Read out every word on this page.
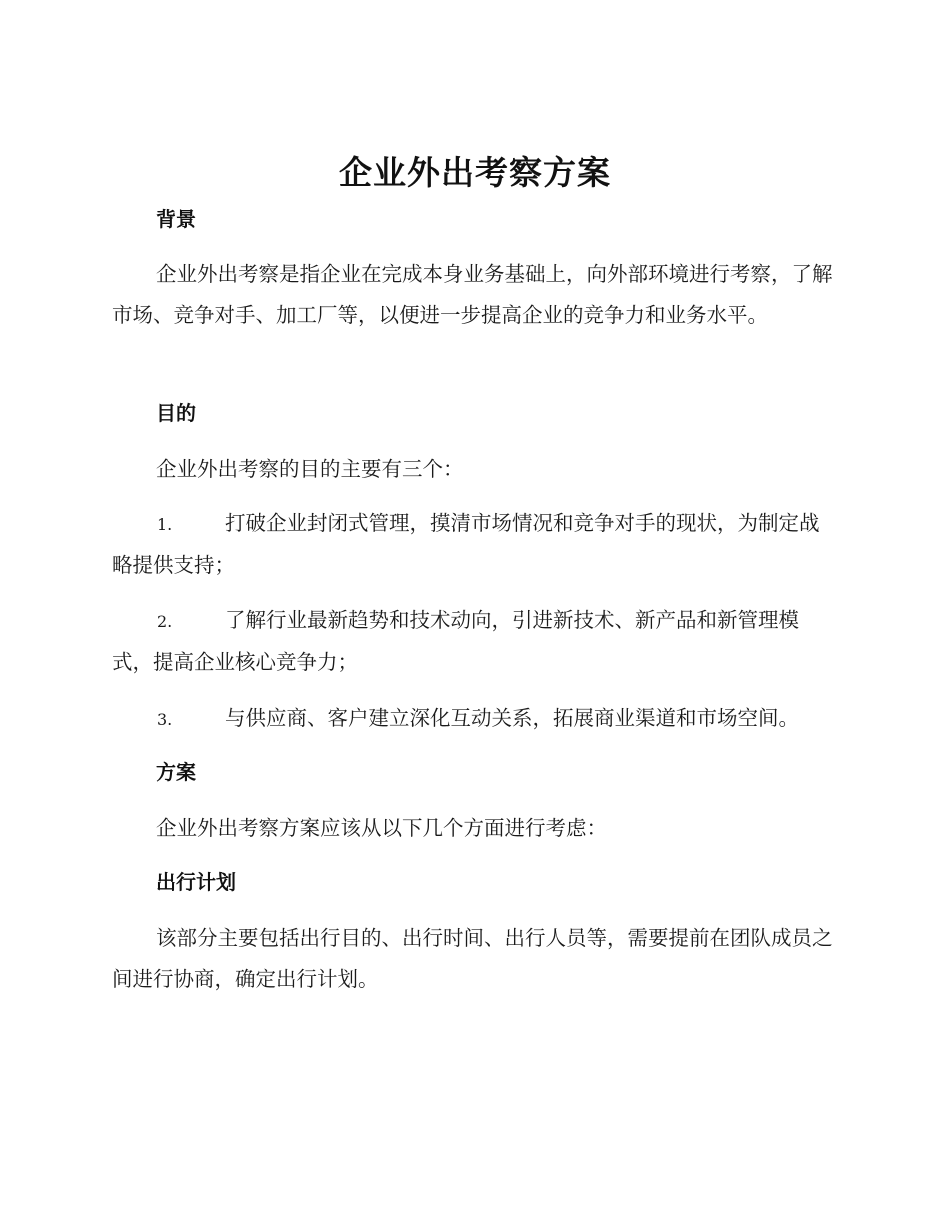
企业外出考察方案
背景
企业外出考察是指企业在完成本身业务基础上，向外部环境进行考察，了解市场、竞争对手、加工厂等，以便进一步提高企业的竞争力和业务水平。
目的
企业外出考察的目的主要有三个：
1.	打破企业封闭式管理，摸清市场情况和竞争对手的现状，为制定战略提供支持；
2.	了解行业最新趋势和技术动向，引进新技术、新产品和新管理模式，提高企业核心竞争力；
3.	与供应商、客户建立深化互动关系，拓展商业渠道和市场空间。
方案
企业外出考察方案应该从以下几个方面进行考虑：
出行计划
该部分主要包括出行目的、出行时间、出行人员等，需要提前在团队成员之间进行协商，确定出行计划。
